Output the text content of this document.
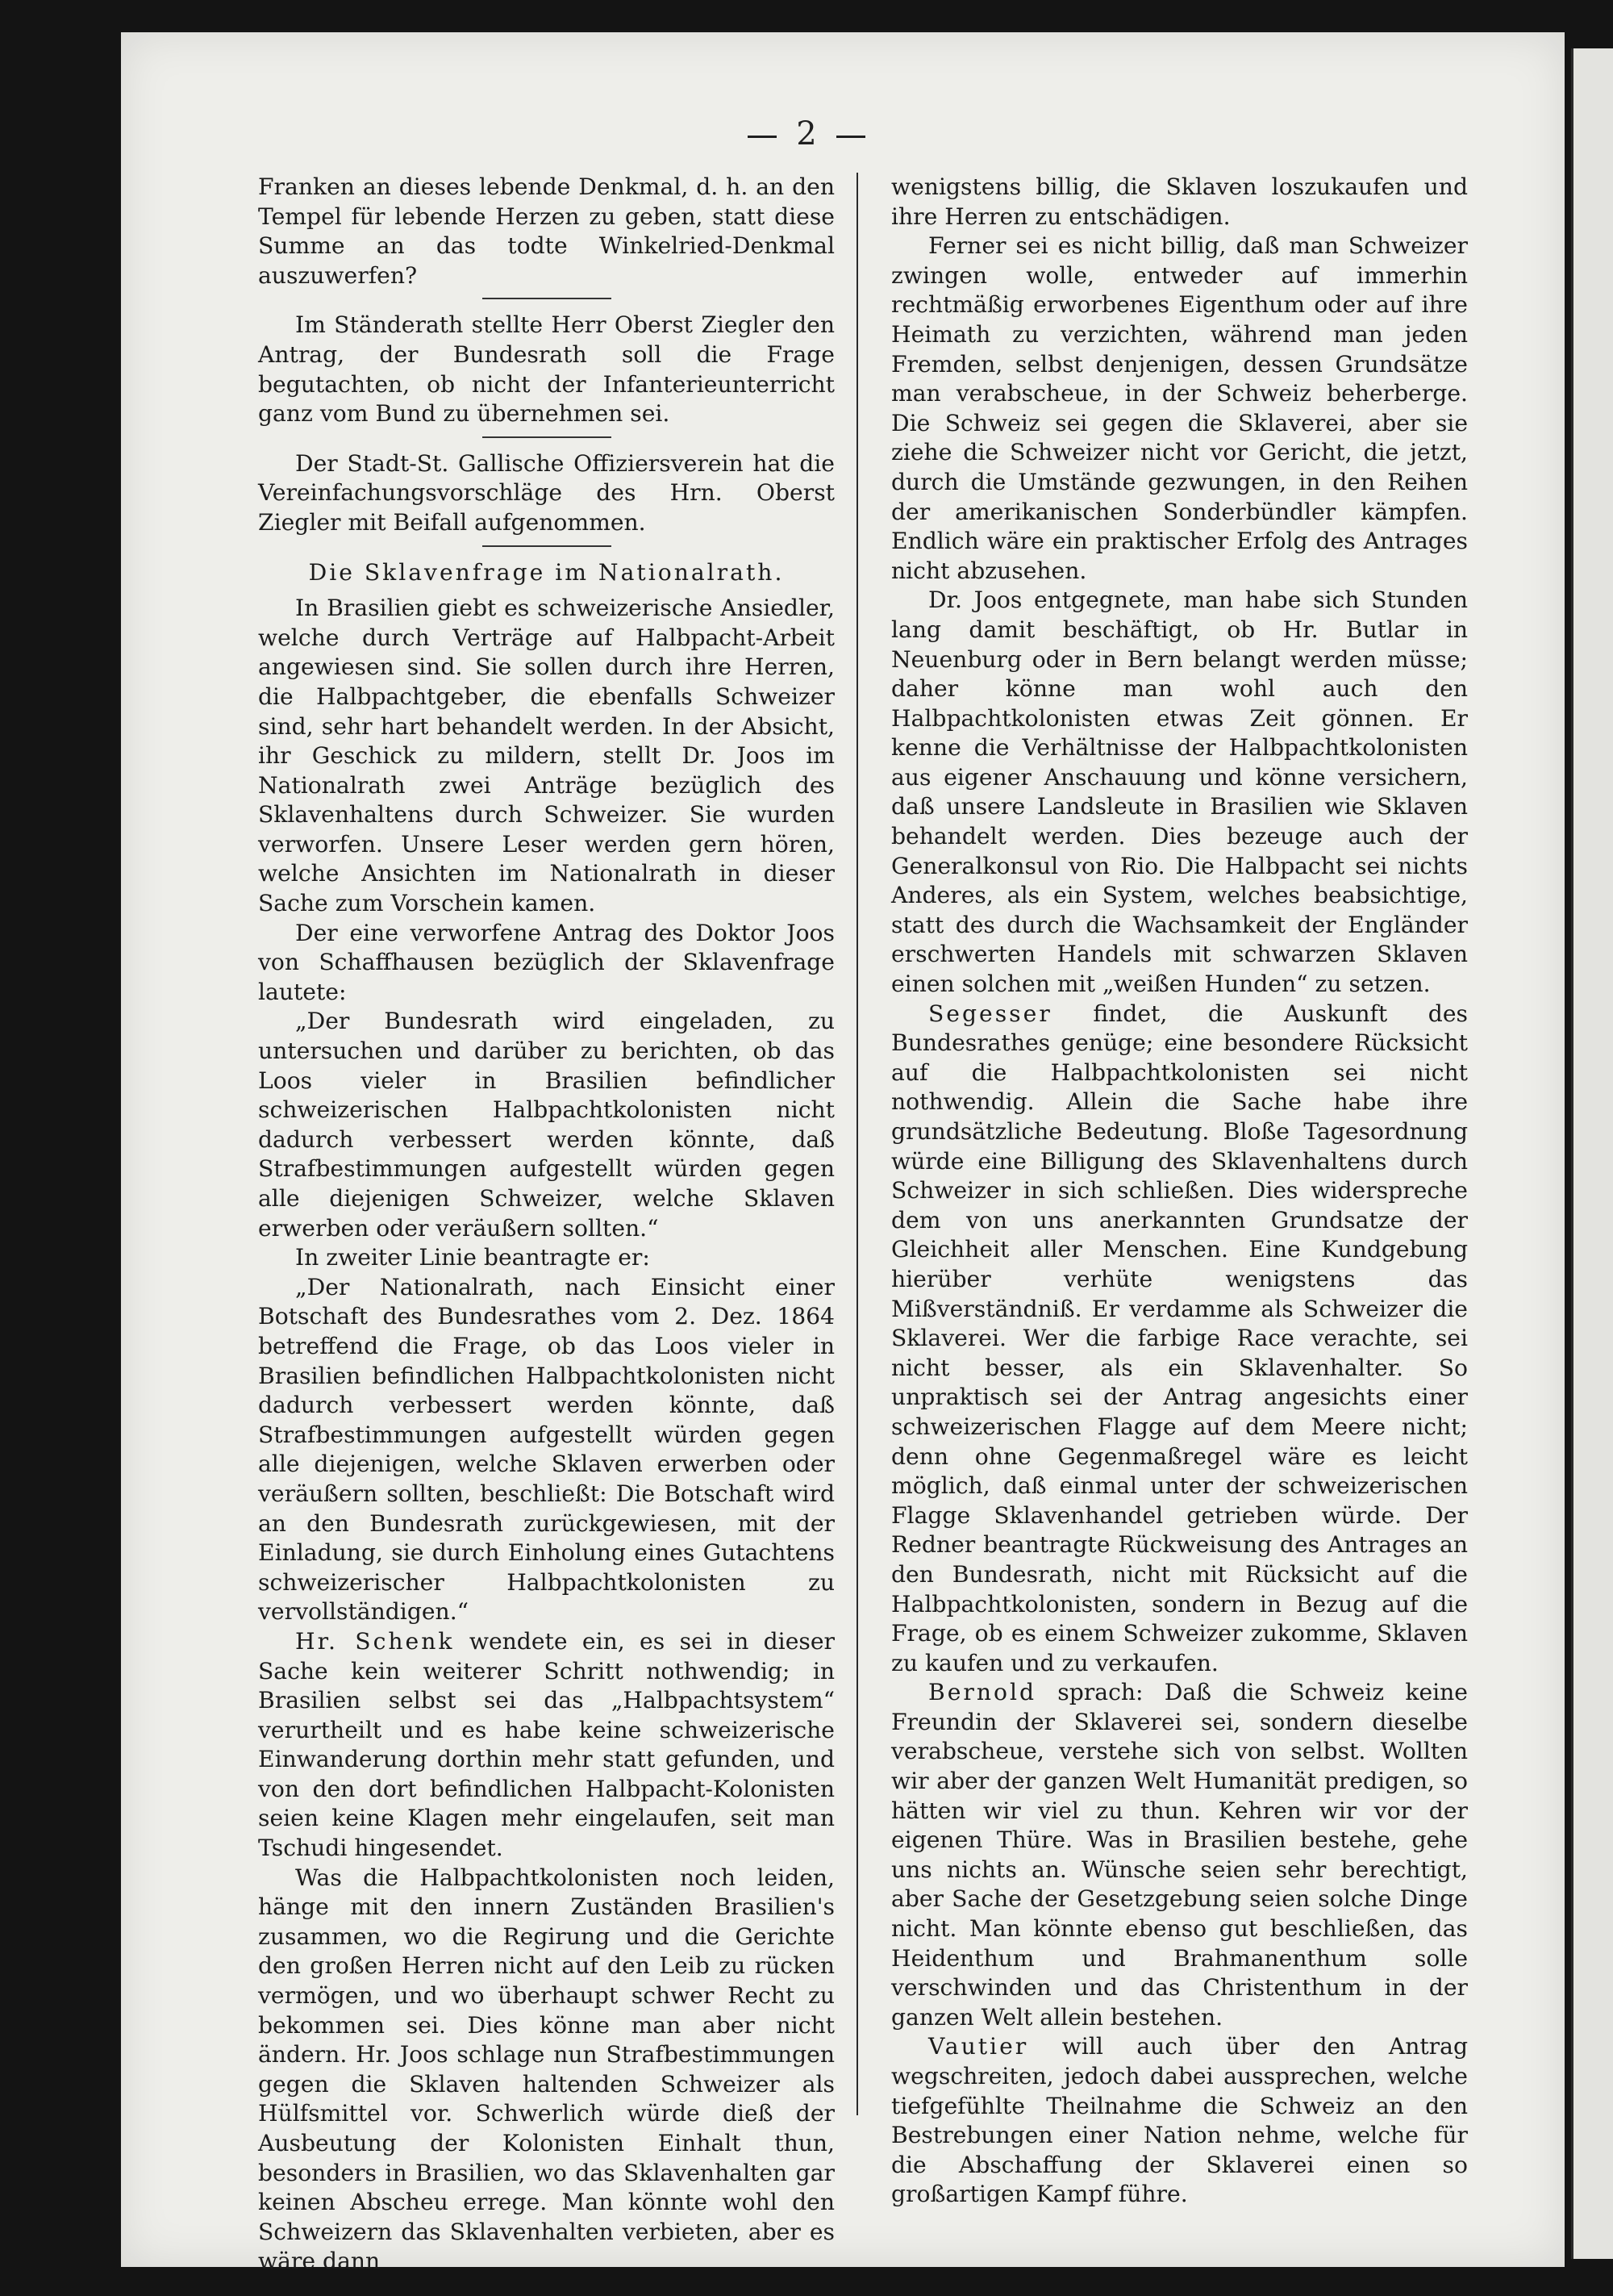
2

Franken an dieses lebende Denkmal, d. h. an den Tempel für lebende Herzen zu geben, statt diese Summe an das todte Winkelried-Denkmal auszuwerfen?

Im Ständerath stellte Herr Oberst Ziegler den Antrag, der Bundesrath soll die Frage begutachten, ob nicht der Infanterieunterricht ganz vom Bund zu übernehmen sei.

Der Stadt-St. Gallische Offiziersverein hat die Vereinfachungsvorschläge des Hrn. Oberst Ziegler mit Beifall aufgenommen.

Die Sklavenfrage im Nationalrath.

In Brasilien giebt es schweizerische Ansiedler, welche durch Verträge auf Halbpacht-Arbeit angewiesen sind. Sie sollen durch ihre Herren, die Halbpachtgeber, die ebenfalls Schweizer sind, sehr hart behandelt werden. In der Absicht, ihr Geschick zu mildern, stellt Dr. Joos im Nationalrath zwei Anträge bezüglich des Sklavenhaltens durch Schweizer. Sie wurden verworfen. Unsere Leser werden gern hören, welche Ansichten im Nationalrath in dieser Sache zum Vorschein kamen.

Der eine verworfene Antrag des Doktor Joos von Schaffhausen bezüglich der Sklavenfrage lautete:

„Der Bundesrath wird eingeladen, zu untersuchen und darüber zu berichten, ob das Loos vieler in Brasilien befindlicher schweizerischen Halbpachtkolonisten nicht dadurch verbessert werden könnte, daß Strafbestimmungen aufgestellt würden gegen alle diejenigen Schweizer, welche Sklaven erwerben oder veräußern sollten.“

In zweiter Linie beantragte er:

„Der Nationalrath, nach Einsicht einer Botschaft des Bundesrathes vom 2. Dez. 1864 betreffend die Frage, ob das Loos vieler in Brasilien befindlichen Halbpachtkolonisten nicht dadurch verbessert werden könnte, daß Strafbestimmungen aufgestellt würden gegen alle diejenigen, welche Sklaven erwerben oder veräußern sollten, beschließt: Die Botschaft wird an den Bundesrath zurückgewiesen, mit der Einladung, sie durch Einholung eines Gutachtens schweizerischer Halbpachtkolonisten zu vervollständigen.“

Hr. Schenk wendete ein, es sei in dieser Sache kein weiterer Schritt nothwendig; in Brasilien selbst sei das „Halbpachtsystem“ verurtheilt und es habe keine schweizerische Einwanderung dorthin mehr statt gefunden, und von den dort befindlichen Halbpacht-Kolonisten seien keine Klagen mehr eingelaufen, seit man Tschudi hingesendet.

Was die Halbpachtkolonisten noch leiden, hänge mit den innern Zuständen Brasilien's zusammen, wo die Regirung und die Gerichte den großen Herren nicht auf den Leib zu rücken vermögen, und wo überhaupt schwer Recht zu bekommen sei. Dies könne man aber nicht ändern. Hr. Joos schlage nun Strafbestimmungen gegen die Sklaven haltenden Schweizer als Hülfsmittel vor. Schwerlich würde dieß der Ausbeutung der Kolonisten Einhalt thun, besonders in Brasilien, wo das Sklavenhalten gar keinen Abscheu errege. Man könnte wohl den Schweizern das Sklavenhalten verbieten, aber es wäre dann

wenigstens billig, die Sklaven loszukaufen und ihre Herren zu entschädigen.

Ferner sei es nicht billig, daß man Schweizer zwingen wolle, entweder auf immerhin rechtmäßig erworbenes Eigenthum oder auf ihre Heimath zu verzichten, während man jeden Fremden, selbst denjenigen, dessen Grundsätze man verabscheue, in der Schweiz beherberge. Die Schweiz sei gegen die Sklaverei, aber sie ziehe die Schweizer nicht vor Gericht, die jetzt, durch die Umstände gezwungen, in den Reihen der amerikanischen Sonderbündler kämpfen. Endlich wäre ein praktischer Erfolg des Antrages nicht abzusehen.

Dr. Joos entgegnete, man habe sich Stunden lang damit beschäftigt, ob Hr. Butlar in Neuenburg oder in Bern belangt werden müsse; daher könne man wohl auch den Halbpachtkolonisten etwas Zeit gönnen. Er kenne die Verhältnisse der Halbpachtkolonisten aus eigener Anschauung und könne versichern, daß unsere Landsleute in Brasilien wie Sklaven behandelt werden. Dies bezeuge auch der Generalkonsul von Rio. Die Halbpacht sei nichts Anderes, als ein System, welches beabsichtige, statt des durch die Wachsamkeit der Engländer erschwerten Handels mit schwarzen Sklaven einen solchen mit „weißen Hunden“ zu setzen.

Segesser findet, die Auskunft des Bundesrathes genüge; eine besondere Rücksicht auf die Halbpachtkolonisten sei nicht nothwendig. Allein die Sache habe ihre grundsätzliche Bedeutung. Bloße Tagesordnung würde eine Billigung des Sklavenhaltens durch Schweizer in sich schließen. Dies widerspreche dem von uns anerkannten Grundsatze der Gleichheit aller Menschen. Eine Kundgebung hierüber verhüte wenigstens das Mißverständniß. Er verdamme als Schweizer die Sklaverei. Wer die farbige Race verachte, sei nicht besser, als ein Sklavenhalter. So unpraktisch sei der Antrag angesichts einer schweizerischen Flagge auf dem Meere nicht; denn ohne Gegenmaßregel wäre es leicht möglich, daß einmal unter der schweizerischen Flagge Sklavenhandel getrieben würde. Der Redner beantragte Rückweisung des Antrages an den Bundesrath, nicht mit Rücksicht auf die Halbpachtkolonisten, sondern in Bezug auf die Frage, ob es einem Schweizer zukomme, Sklaven zu kaufen und zu verkaufen.

Bernold sprach: Daß die Schweiz keine Freundin der Sklaverei sei, sondern dieselbe verabscheue, verstehe sich von selbst. Wollten wir aber der ganzen Welt Humanität predigen, so hätten wir viel zu thun. Kehren wir vor der eigenen Thüre. Was in Brasilien bestehe, gehe uns nichts an. Wünsche seien sehr berechtigt, aber Sache der Gesetzgebung seien solche Dinge nicht. Man könnte ebenso gut beschließen, das Heidenthum und Brahmanenthum solle verschwinden und das Christenthum in der ganzen Welt allein bestehen.

Vautier will auch über den Antrag wegschreiten, jedoch dabei aussprechen, welche tiefgefühlte Theilnahme die Schweiz an den Bestrebungen einer Nation nehme, welche für die Abschaffung der Sklaverei einen so großartigen Kampf führe.
